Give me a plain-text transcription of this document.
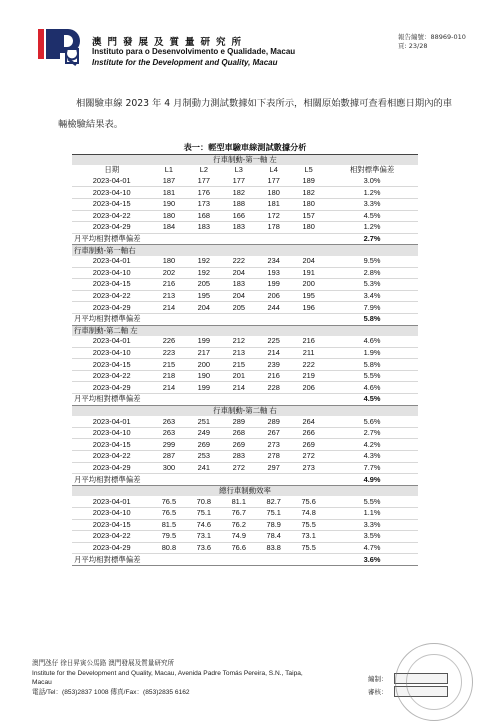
澳門發展及質量研究所
Instituto para o Desenvolvimento e Qualidade, Macau
Institute for the Development and Quality, Macau
報告編號：88969-010
頁: 23/28

相關驗車線 2023 年 4 月制動力測試數據如下表所示，相關原始數據可查看相應日期內的車輛檢驗結果表。

表一：輕型車驗車線測試數據分析						
行車制動-第一軸 左						
日期	L1	L2	L3	L4	L5	相對標準偏差
2023-04-01	187	177	177	177	189	3.0%
2023-04-10	181	176	182	180	182	1.2%
2023-04-15	190	173	188	181	180	3.3%
2023-04-22	180	168	166	172	157	4.5%
2023-04-29	184	183	183	178	180	1.2%
月平均相對標準偏差						2.7%
行車制動-第一軸右						
2023-04-01	180	192	222	234	204	9.5%
2023-04-10	202	192	204	193	191	2.8%
2023-04-15	216	205	183	199	200	5.3%
2023-04-22	213	195	204	206	195	3.4%
2023-04-29	214	204	205	244	196	7.9%
月平均相對標準偏差						5.8%
行車制動-第二軸 左						
2023-04-01	226	199	212	225	216	4.6%
2023-04-10	223	217	213	214	211	1.9%
2023-04-15	215	200	215	239	222	5.8%
2023-04-22	218	190	201	216	219	5.5%
2023-04-29	214	199	214	228	206	4.6%
月平均相對標準偏差						4.5%
行車制動-第二軸 右						
2023-04-01	263	251	289	289	264	5.6%
2023-04-10	263	249	268	267	266	2.7%
2023-04-15	299	269	269	273	269	4.2%
2023-04-22	287	253	283	278	272	4.3%
2023-04-29	300	241	272	297	273	7.7%
月平均相對標準偏差						4.9%
總行車制動效率						
2023-04-01	76.5	70.8	81.1	82.7	75.6	5.5%
2023-04-10	76.5	75.1	76.7	75.1	74.8	1.1%
2023-04-15	81.5	74.6	76.2	78.9	75.5	3.3%
2023-04-22	79.5	73.1	74.9	78.4	73.1	3.5%
2023-04-29	80.8	73.6	76.6	83.8	75.5	4.7%
月平均相對標準偏差						3.6%
澳門氹仔 徐日昇寅公馬路 澳門發展及質量研究所
Institute for the Development and Quality, Macau, Avenida Padre Tomás Pereira, S.N., Taipa,
Macau
電話/Tel：(853)2837 1008 傳真/Fax：(853)2835 6162
編制：
審核：
